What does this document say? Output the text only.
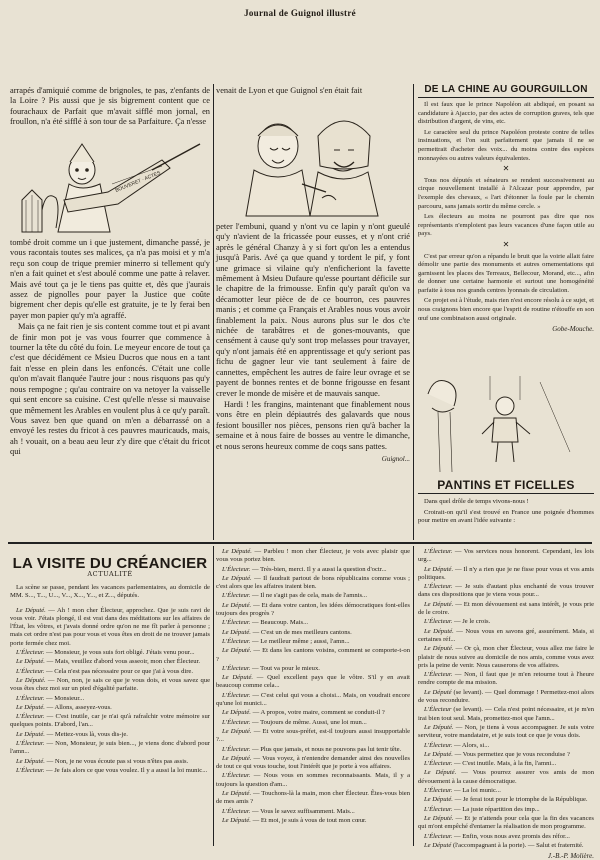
Journal de Guignol illustré

arrapés d'amiquié comme de brignoles, te pas, z'enfants de la Loire ? Pis aussi que je sis bigrement content que ce fourachaux de Parfait que m'avait sifflé mon jornal, en froullon, n'a été sifflé à son tour de sa Parfaiture. Ça n'esse

BOUVERET · ACTES

tombé droit comme un i que justement, dimanche passé, je vous racontais toutes ses malices, ça n'a pas moisi et y m'a reçu son coup de trique premier minerro si tellement qu'y n'en a fait quinet et s'est aboulé comme une patte à relaver. Mais avé tout ça je le tiens pas quitte et, dès que j'aurais assez de pignolles pour payer la Justice que coûte bigrement cher depis qu'elle est gratuite, je te ly ferai ben payer mon papier qu'y m'a agraffé.

Mais ça ne fait rien je sis content comme tout et pi avant de finir mon pot je vas vous fourrer que commence à tourner la tête du côté du foin. Le meyeur encore de tout ça c'est que décidément ce Msieu Ducros que nous en a tant fait n'esse en plein dans les enfoncés. C'était une colle qu'on m'avait flanquée l'autre jour : nous risquons pas qu'y nous rempogne ; qu'au contraire on va netoyer la vaisselle qui sent encore sa cuisine. C'est qu'elle n'esse si mauvaise que mêmement les Arables en voulent plus à ce qu'y paraît. Vous savez ben que quand on m'en a débarrassé on a envoyé les restes du fricot à ces pauvres mauricauds, mais, ah ! vouait, on a beau aeu leur z'y dire que c'était du fricot qui

venait de Lyon et que Guignol s'en était fait

peter l'embuni, quand y n'ont vu ce lapin y n'ont gueulé qu'y n'avient de la fricassée pour eusses, et y n'ont crié après le général Chanzy à y si fort qu'on les a entendus jusqu'à Paris. Avé ça que quand y tordent le pif, y font une grimace si vilaine qu'y n'enficheriont la favette mêmement à Msieu Dufaure qu'esse pourtant déficile sur le chapitre de la frimousse. Enfin qu'y paraît qu'on va décamotter leur pièce de de ce bourron, ces pauvres manis ; et comme ça Français et Arables nous vous avoir finablement la paix. Nous aurons plus sur le dos c'te nichée de tarabâtres et de gones-mouvants, que censément à cause qu'y sont trop melasses pour travayer, qu'y n'ont jamais été en apprentissage et qu'y seriont pas fichu de gagner leur vie tant seulement à faire de cannettes, empêchent les autres de faire leur ovrage et se payent de bonnes rentes et de bonne frigousse en fesant crever le monde de misère et de mauvais sanque.

Hardi ! les frangins, maintenant que finablement nous vons être en plein dépiautrés des galavards que nous fesiont bousiller nos pièces, pensons rien qu'à bacher la semaine et à nous faire de bosses au ventre le dimanche, et nous serons heureux comme de coqs sans pattes.

Guignol...
DE LA CHINE AU GOURGUILLON

Il est faux que le prince Napoléon ait abdiqué, en posant sa candidature à Ajaccio, par des actes de corruption graves, tels que distribution d'argent, de vins, etc.

Le caractère seul du prince Napoléon proteste contre de telles insinuations, et l'on suit parfaitement que jamais il ne se permettrait d'acheter des voix... du moins contre des espèces monnayées ou autres valeurs équivalentes.

✕

Tous nos députés et sénateurs se rendent successivement au cirque nouvellement installé à l'Alcazar pour apprendre, par l'exemple des chevaux, « l'art d'étonner la foule par le chemin parcouru, sans jamais sortir du même cercle. »

Les électeurs au moins ne pourront pas dire que nos représentants n'emploient pas leurs vacances d'une façon utile au pays.

✕

C'est par erreur qu'on a répandu le bruit que la voirie allait faire démolir une partie des monuments et autres ornementations qui garnissent les places des Terreaux, Bellecour, Morand, etc..., afin de donner une certaine harmonie et surtout une homogénéité parfaite à tous nos grands centres lyonnais de circulation.

Ce projet est à l'étude, mais rien n'est encore résolu à ce sujet, et nous craignons bien encore que l'esprit de routine n'étouffe en son œuf une combinaison aussi originale.

Gobe-Mouche.
PANTINS ET FICELLES

Dans quel drôle de temps vivons-nous !

Croirait-on qu'il s'est trouvé en France une poignée d'hommes pour mettre en avant l'idée suivante :

LA VISITE DU CRÉANCIER
ACTUALITÉ

La scène se passe, pendant les vacances parlementaires, au domicile de MM. S..., T..., U..., V..., X..., Y..., et Z..., députés.

Le Député. — Ah ! mon cher Électeur, approchez. Que je suis ravi de vous voir. J'étais plongé, il est vrai dans des méditations sur les affaires de l'État, les vôtres, et j'avais donné ordre qu'on ne me fît parler à personne ; mais cet ordre n'est pas pour vous et vous êtes en droit de ne trouver jamais porte fermée chez moi.

L'Électeur. — Monsieur, je vous suis fort obligé. J'étais venu pour...

Le Député. — Mais, veuillez d'abord vous asseoir, mon cher Électeur.

L'Électeur. — Cela n'est pas nécessaire pour ce que j'ai à vous dire.

Le Député. — Non, non, je sais ce que je vous dois, et vous savez que vous êtes chez moi sur un pied d'égalité parfaite.

L'Électeur. — Monsieur...

Le Député. — Allons, asseyez-vous.

L'Électeur. — C'est inutile, car je n'ai qu'à rafraîchir votre mémoire sur quelques points. D'abord, l'an...

Le Député. — Mettez-vous là, vous dis-je.

L'Électeur. — Non, Monsieur, je suis bien..., je viens donc d'abord pour l'amn...

Le Député. — Non, je ne vous écoute pas si vous n'êtes pas assis.

L'Électeur. — Je fais alors ce que vous voulez. Il y a aussi la loi munic...

Le Député. — Parbleu ! mon cher Électeur, je vois avec plaisir que vous vous portez bien.

L'Électeur. — Très-bien, merci. Il y a aussi la question d'octr...

Le Député. — Il faudrait partout de bons républicains comme vous ; c'est alors que les affaires iraient bien.

L'Électeur. — Il ne s'agit pas de cela, mais de l'amnis...

Le Député. — Et dans votre canton, les idées démocratiques font-elles toujours des progrès ?

L'Électeur. — Beaucoup. Mais...

Le Député. — C'est un de mes meilleurs cantons.

L'Électeur. — Le meilleur même ; aussi, l'amn...

Le Député. — Et dans les cantons voisins, comment se comporte-t-on ?

L'Électeur. — Tout va pour le mieux.

Le Député. — Quel excellent pays que le vôtre. S'il y en avait beaucoup comme cela...

L'Électeur. — C'est celui qui vous a choisi... Mais, on voudrait encore qu'une loi munici...

Le Député. — A propos, votre maire, comment se conduit-il ?

L'Électeur. — Toujours de même. Aussi, une loi mun...

Le Député. — Et votre sous-préfet, est-il toujours aussi insupportable ?...

L'Électeur. — Plus que jamais, et nous ne pouvons pas lui tenir tête.

Le Député. — Vous voyez, à n'entendre demander ainsi des nouvelles de tout ce qui vous touche, tout l'intérêt que je porte à vos affaires.

L'Électeur. — Nous vous en sommes reconnaissants. Mais, il y a toujours la question d'am...

Le Député. — Touchons-là la main, mon cher Électeur. Êtes-vous bien de mes amis ?

L'Électeur. — Vous le savez suffisamment. Mais...

Le Député. — Et moi, je suis à vous de tout mon cœur.

L'Électeur. — Vos services nous honorent. Cependant, les lois urg...

Le Député. — Il n'y a rien que je ne fisse pour vous et vos amis politiques.

L'Électeur. — Je suis d'autant plus enchanté de vous trouver dans ces dispositions que je viens vous pour...

Le Député. — Et mon dévouement est sans intérêt, je vous prie de le croire.

L'Électeur. — Je le crois.

Le Député. — Nous vous en savons gré, assurément. Mais, si certaines réf...

Le Député. — Or çà, mon cher Électeur, vous allez me faire le plaisir de nous suivre au domicile de nos amis, comme vous avez pris la peine de venir. Nous causerons de vos affaires.

L'Électeur. — Non, il faut que je m'en retourne tout à l'heure rendre compte de ma mission.

Le Député (se levant). — Quel dommage ! Permettez-moi alors de vous reconduire.

L'Électeur (se levant). — Cela n'est point nécessaire, et je m'en irai bien tout seul. Mais, promettez-moi que l'amn...

Le Député. — Non, je tiens à vous accompagner. Je suis votre serviteur, votre mandataire, et je suis tout ce que je vous dois.

L'Électeur. — Alors, si...

Le Député. — Vous permettez que je vous reconduise ?

L'Électeur. — C'est inutile. Mais, à la fin, l'amni...

Le Député. — Vous pourrez assurer vos amis de mon dévouement à la cause démocratique.

L'Électeur. — La loi munic...

Le Député. — Je ferai tout pour le triomphe de la République.

L'Électeur. — La juste répartition des imp...

Le Député. — Et je n'attends pour cela que la fin des vacances qui m'ont empêché d'entamer la réalisation de mon programme.

L'Électeur. — Enfin, vous nous avez promis des réfor...

Le Député (l'accompagnant à la porte). — Salut et fraternité.

J.-B.-P. Molière.
